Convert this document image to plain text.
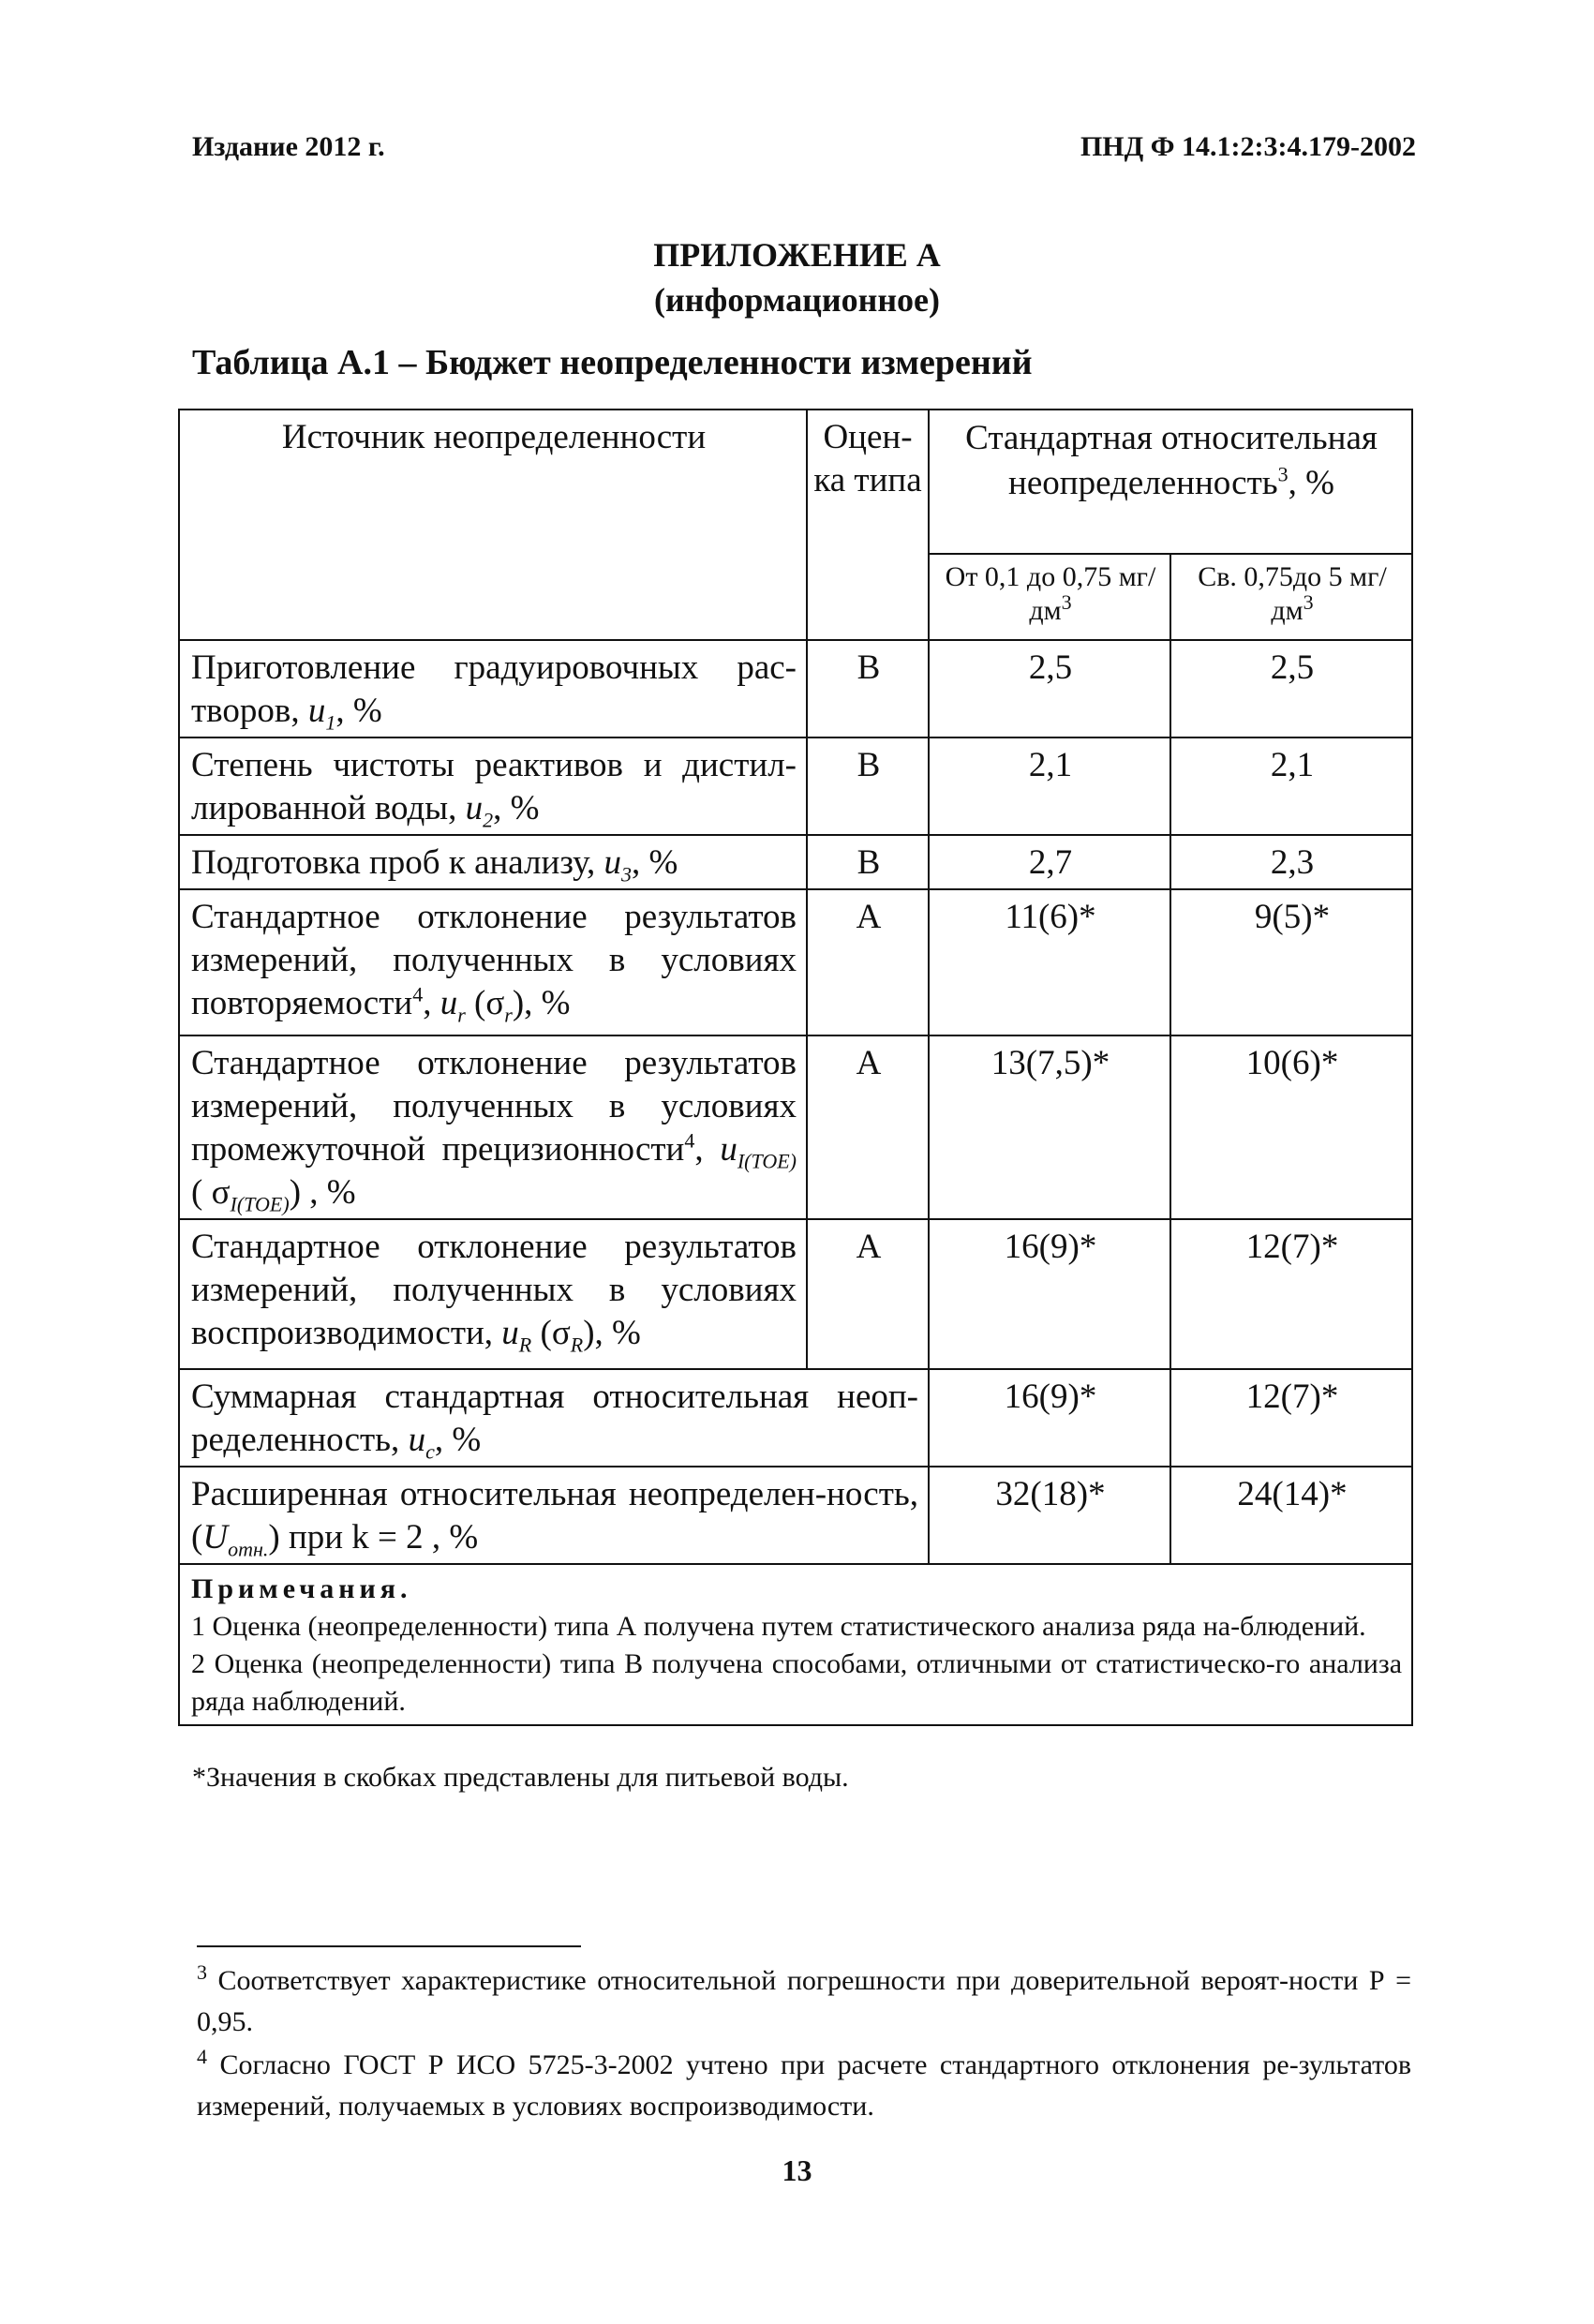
Издание 2012 г.	ПНД Ф 14.1:2:3:4.179-2002
ПРИЛОЖЕНИЕ А
(информационное)
Таблица А.1 – Бюджет неопределенности измерений
Источник неопределенности	Оцен-ка типа	Стандартная относительная неопределенность$^3$, %	
		От 0,1 до 0,75 $мг/дм^3$	Св. 0,75до 5 $мг/дм^3$
Приготовление градуировочных рас-творов, $u_1$, %	В	2,5	2,5
Степень чистоты реактивов и дистил-лированной воды, $u_2$, %	В	2,1	2,1
Подготовка проб к анализу, $u_3$, %	В	2,7	2,3
Стандартное отклонение результатов измерений, полученных в условиях повторяемости$^4$, $u_r$ $(\sigma_r)$, %	А	11(6)*	9(5)*
Стандартное отклонение результатов измерений, полученных в условиях промежуточной прецизионности$^4$, $u_{I(TOE)}$ ( $\sigma_{I(TOE)}$) , %	А	13(7,5)*	10(6)*
Стандартное отклонение результатов измерений, полученных в условиях воспроизводимости, $u_R$ $(\sigma_R)$, %	А	16(9)*	12(7)*
Суммарная стандартная относительная неоп-ределенность, $u_c$, %		16(9)*	12(7)*
Расширенная относительная неопределен-ность, $(U_{отн.})$ при k = 2 , %		32(18)*	24(14)*

Примечания.
1 Оценка (неопределенности) типа А получена путем статистического анализа ряда на-блюдений.
2 Оценка (неопределенности) типа В получена способами, отличными от статистическо-го анализа ряда наблюдений.			
*Значения в скобках представлены для питьевой воды.
$^3$ Соответствует характеристике относительной погрешности при доверительной вероят-ности Р = 0,95.
$^4$ Согласно ГОСТ Р ИСО 5725-3-2002 учтено при расчете стандартного отклонения ре-зультатов измерений, получаемых в условиях воспроизводимости.
13
